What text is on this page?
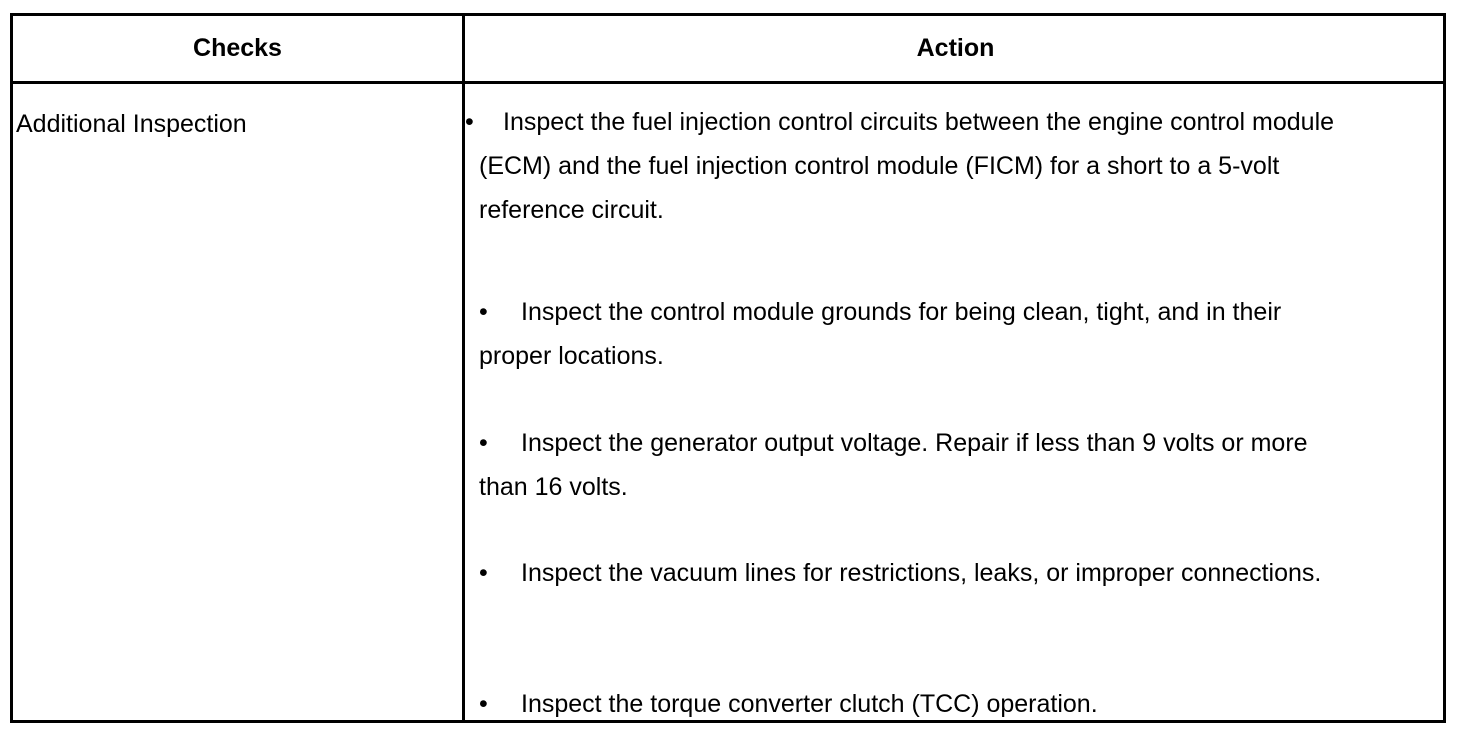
Checks	Action
Additional Inspection	•	Inspect the fuel injection control circuits between the engine control module (ECM) and the fuel injection control module (FICM) for a short to a 5-volt reference circuit.
•	Inspect the control module grounds for being clean, tight, and in their proper locations.
•	Inspect the generator output voltage. Repair if less than 9 volts or more than 16 volts.
•	Inspect the vacuum lines for restrictions, leaks, or improper connections.
•	Inspect the torque converter clutch (TCC) operation.
